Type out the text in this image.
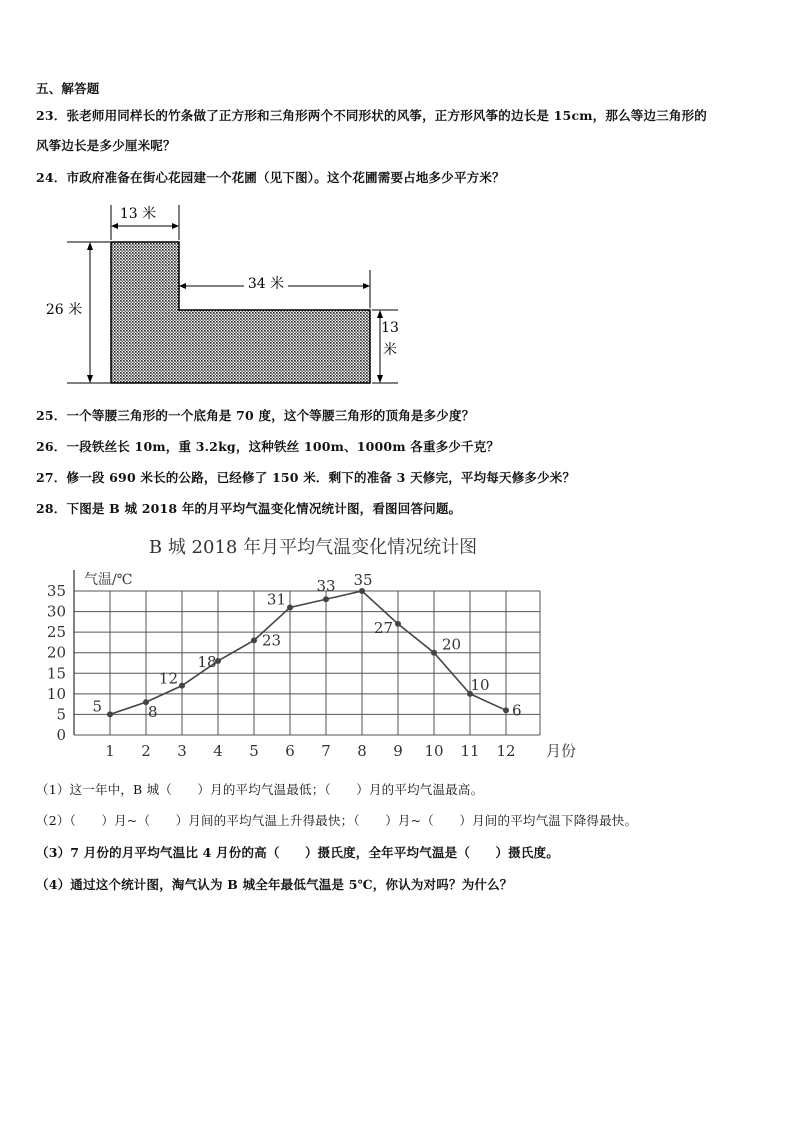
五、解答题
23．张老师用同样长的竹条做了正方形和三角形两个不同形状的风筝，正方形风筝的边长是 15cm，那么等边三角形的
风筝边长是多少厘米呢？
24．市政府准备在街心花园建一个花圃（见下图）。这个花圃需要占地多少平方米？
13 米
26 米
34 米
13
米
25．一个等腰三角形的一个底角是 70 度，这个等腰三角形的顶角是多少度？
26．一段铁丝长 10m，重 3.2kg，这种铁丝 100m、1000m 各重多少千克？
27．修一段 690 米长的公路，已经修了 150 米．剩下的准备 3 天修完，平均每天修多少米？
28．下图是 B 城 2018 年的月平均气温变化情况统计图，看图回答问题。
B 城 2018 年月平均气温变化情况统计图
0
5
10
15
20
25
30
35
1 2 3 4 5 6 7 8 9 10 11 12
气温/℃
月份
5	8
12
18
23
31
33 35
27
20
10
6
（1）这一年中，B 城（　　）月的平均气温最低；（　　）月的平均气温最高。
（2）（　　）月~（　　）月间的平均气温上升得最快；（　　）月~（　　）月间的平均气温下降得最快。
（3）7 月份的月平均气温比 4 月份的高（　　）摄氏度，全年平均气温是（　　）摄氏度。
（4）通过这个统计图，淘气认为 B 城全年最低气温是 5℃，你认为对吗？为什么？
